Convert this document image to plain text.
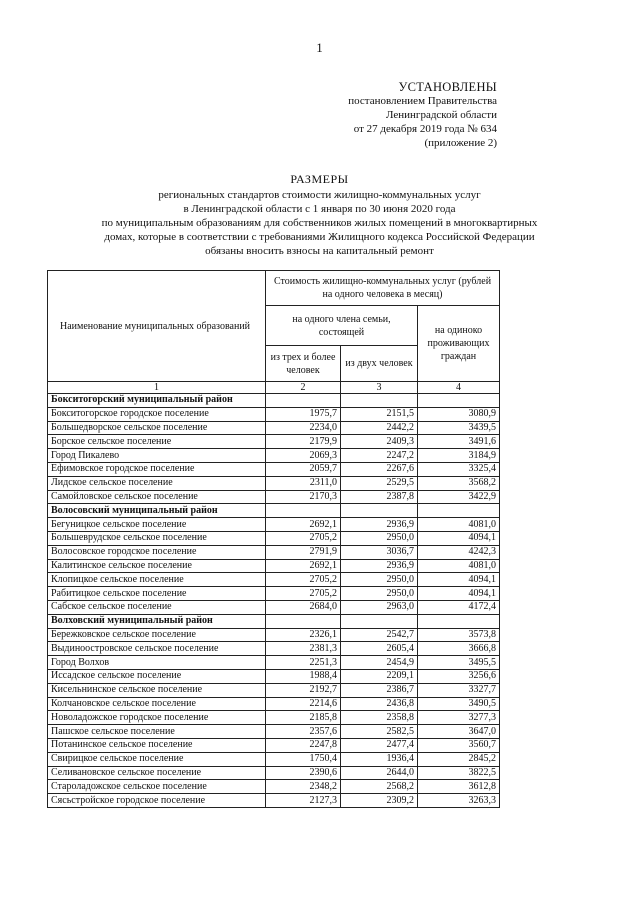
1
УСТАНОВЛЕНЫ
постановлением Правительства
Ленинградской области
от 27 декабря 2019 года № 634
(приложение 2)
РАЗМЕРЫ
региональных стандартов стоимости жилищно-коммунальных услуг
в Ленинградской области с 1 января по 30 июня 2020 года
по муниципальным образованиям для собственников жилых помещений в многоквартирных
домах, которые в соответствии с требованиями Жилищного кодекса Российской Федерации
обязаны вносить взносы на капитальный ремонт
Наименование муниципальных образований	Стоимость жилищно-коммунальных услуг (рублей на одного человека в месяц)		
	на одного члена семьи, состоящей		на одиноко проживающих граждан
	из трех и более человек	из двух человек	
1	2	3	4
Бокситогорский муниципальный район			
Бокситогорское городское поселение	1975,7	2151,5	3080,9
Большедворское сельское поселение	2234,0	2442,2	3439,5
Борское сельское поселение	2179,9	2409,3	3491,6
Город Пикалево	2069,3	2247,2	3184,9
Ефимовское городское поселение	2059,7	2267,6	3325,4
Лидское сельское поселение	2311,0	2529,5	3568,2
Самойловское сельское поселение	2170,3	2387,8	3422,9
Волосовский муниципальный район			
Бегуницкое сельское поселение	2692,1	2936,9	4081,0
Большеврудское сельское поселение	2705,2	2950,0	4094,1
Волосовское городское поселение	2791,9	3036,7	4242,3
Калитинское сельское поселение	2692,1	2936,9	4081,0
Клопицкое сельское поселение	2705,2	2950,0	4094,1
Рабитицкое сельское поселение	2705,2	2950,0	4094,1
Сабское сельское поселение	2684,0	2963,0	4172,4
Волховский муниципальный район			
Бережковское сельское поселение	2326,1	2542,7	3573,8
Выдиноостровское сельское поселение	2381,3	2605,4	3666,8
Город Волхов	2251,3	2454,9	3495,5
Иссадское сельское поселение	1988,4	2209,1	3256,6
Кисельнинское сельское поселение	2192,7	2386,7	3327,7
Колчановское сельское поселение	2214,6	2436,8	3490,5
Новоладожское городское поселение	2185,8	2358,8	3277,3
Пашское сельское поселение	2357,6	2582,5	3647,0
Потанинское сельское поселение	2247,8	2477,4	3560,7
Свирицкое сельское поселение	1750,4	1936,4	2845,2
Селивановское сельское поселение	2390,6	2644,0	3822,5
Староладожское сельское поселение	2348,2	2568,2	3612,8
Сясьстройское городское поселение	2127,3	2309,2	3263,3
